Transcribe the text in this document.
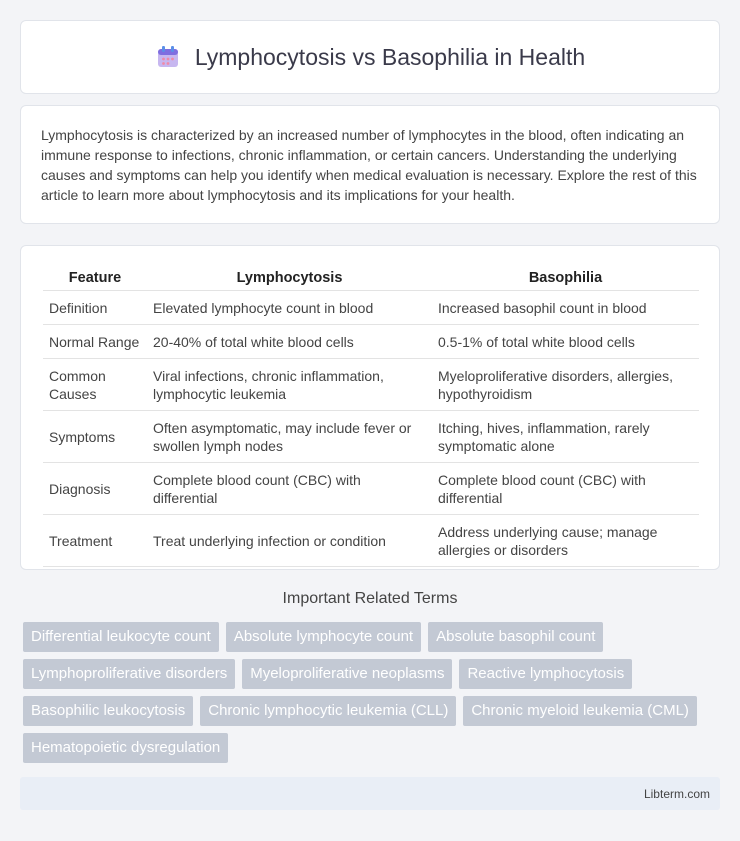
Lymphocytosis vs Basophilia in Health

Lymphocytosis is characterized by an increased number of lymphocytes in the blood, often indicating an immune response to infections, chronic inflammation, or certain cancers. Understanding the underlying causes and symptoms can help you identify when medical evaluation is necessary. Explore the rest of this article to learn more about lymphocytosis and its implications for your health.

Feature	Lymphocytosis	Basophilia
Definition	Elevated lymphocyte count in blood	Increased basophil count in blood
Normal Range	20-40% of total white blood cells	0.5-1% of total white blood cells
Common Causes	Viral infections, chronic inflammation, lymphocytic leukemia	Myeloproliferative disorders, allergies, hypothyroidism
Symptoms	Often asymptomatic, may include fever or swollen lymph nodes	Itching, hives, inflammation, rarely symptomatic alone
Diagnosis	Complete blood count (CBC) with differential	Complete blood count (CBC) with differential
Treatment	Treat underlying infection or condition	Address underlying cause; manage allergies or disorders
Important Related Terms
Differential leukocyte count	Absolute lymphocyte count	Absolute basophil count
Lymphoproliferative disorders	Myeloproliferative neoplasms	Reactive lymphocytosis
Basophilic leukocytosis	Chronic lymphocytic leukemia (CLL)	Chronic myeloid leukemia (CML)
Hematopoietic dysregulation
Libterm.com
